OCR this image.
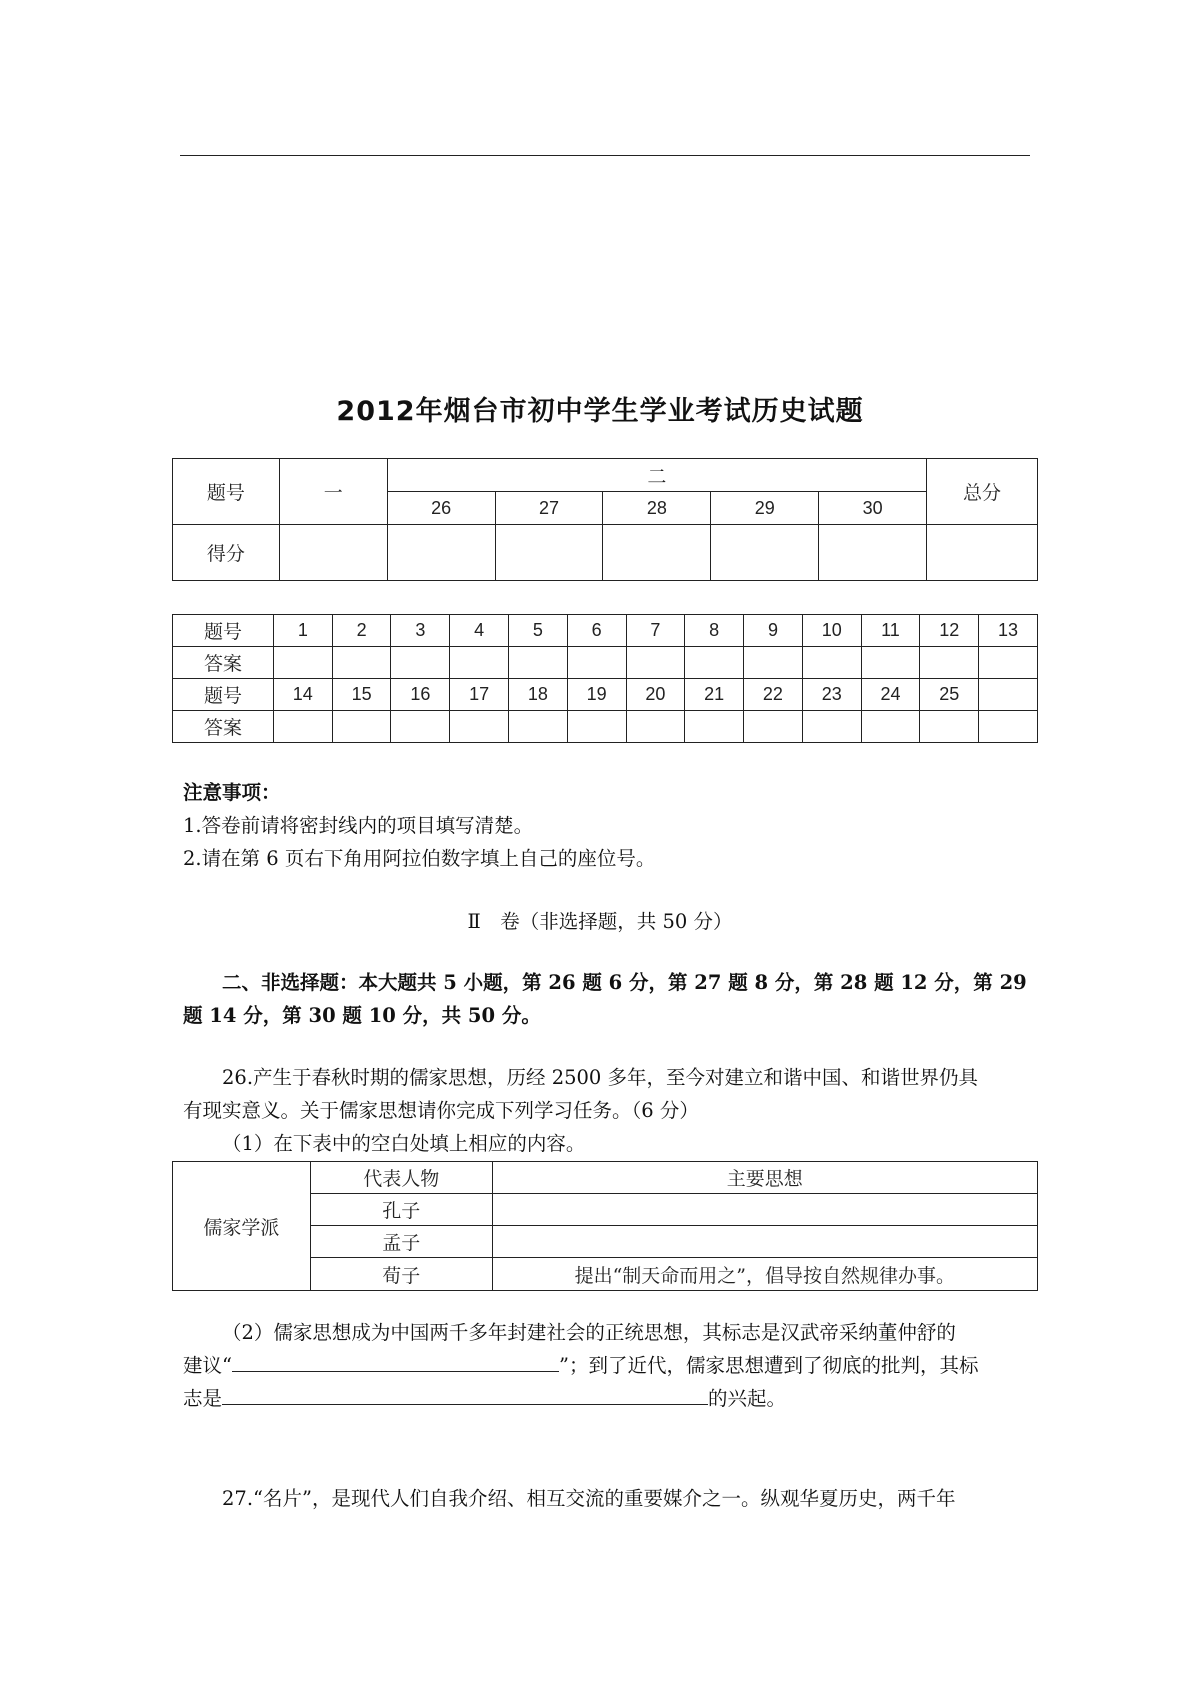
2012年烟台市初中学生学业考试历史试题
题号	一	二					总分
		26	27	28	29	30	
得分							
题号	1	2	3	4	5	6	7	8	9	10	11	12	13
答案													
题号	14	15	16	17	18	19	20	21	22	23	24	25	
答案													
注意事项：
1.答卷前请将密封线内的项目填写清楚。
2.请在第 6 页右下角用阿拉伯数字填上自己的座位号。
Ⅱ　卷（非选择题，共 50 分）
二、非选择题：本大题共 5 小题，第 26 题 6 分，第 27 题 8 分，第 28 题 12 分，第 29
题 14 分，第 30 题 10 分，共 50 分。
26.产生于春秋时期的儒家思想，历经 2500 多年，至今对建立和谐中国、和谐世界仍具
有现实意义。关于儒家思想请你完成下列学习任务。（6 分）
（1）在下表中的空白处填上相应的内容。
儒家学派	代表人物	主要思想
	孔子	
	孟子	
	荀子	提出“制天命而用之”，倡导按自然规律办事。
（2）儒家思想成为中国两千多年封建社会的正统思想，其标志是汉武帝采纳董仲舒的
建议“	”；到了近代，儒家思想遭到了彻底的批判，其标
志是	的兴起。
27.“名片”，是现代人们自我介绍、相互交流的重要媒介之一。纵观华夏历史，两千年
